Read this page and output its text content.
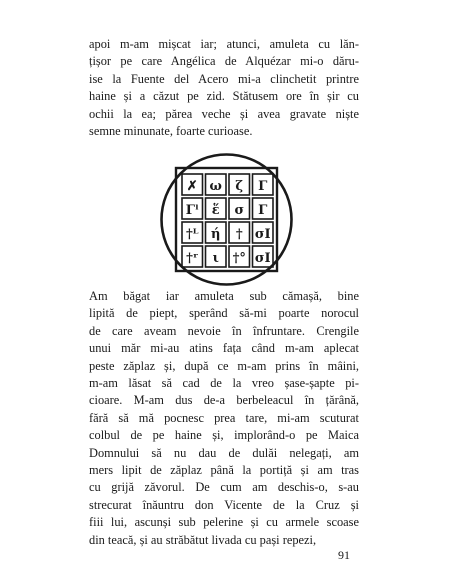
apoi m-am mișcat iar; atunci, amuleta cu lăn-
țișor pe care Angélica de Alquézar mi-o dăru-
ise la Fuente del Acero mi-a clinchetit printre
haine și a căzut pe zid. Stătusem ore în șir cu
ochii la ea; părea veche și avea gravate niște
semne minunate, foarte curioase.
✗ ω ζ Γ
Γˡ ἕ σ Γ
†ᴸ ή † σΙ
†ʳ ι †° σΙ
Am băgat iar amuleta sub cămașă, bine
lipită de piept, sperând să-mi poarte norocul
de care aveam nevoie în înfruntare. Crengile
unui măr mi-au atins fața când m-am aplecat
peste zăplaz și, după ce m-am prins în mâini,
m-am lăsat să cad de la vreo șase-șapte pi-
cioare. M-am dus de-a berbeleacul în țărână,
fără să mă pocnesc prea tare, mi-am scuturat
colbul de pe haine și, implorând-o pe Maica
Domnului să nu dau de dulăi nelegați, am
mers lipit de zăplaz până la portiță și am tras
cu grijă zăvorul. De cum am deschis-o, s-au
strecurat înăuntru don Vicente de la Cruz și
fiii lui, ascunși sub pelerine și cu armele scoase
din teacă, și au străbătut livada cu pași repezi,
91
